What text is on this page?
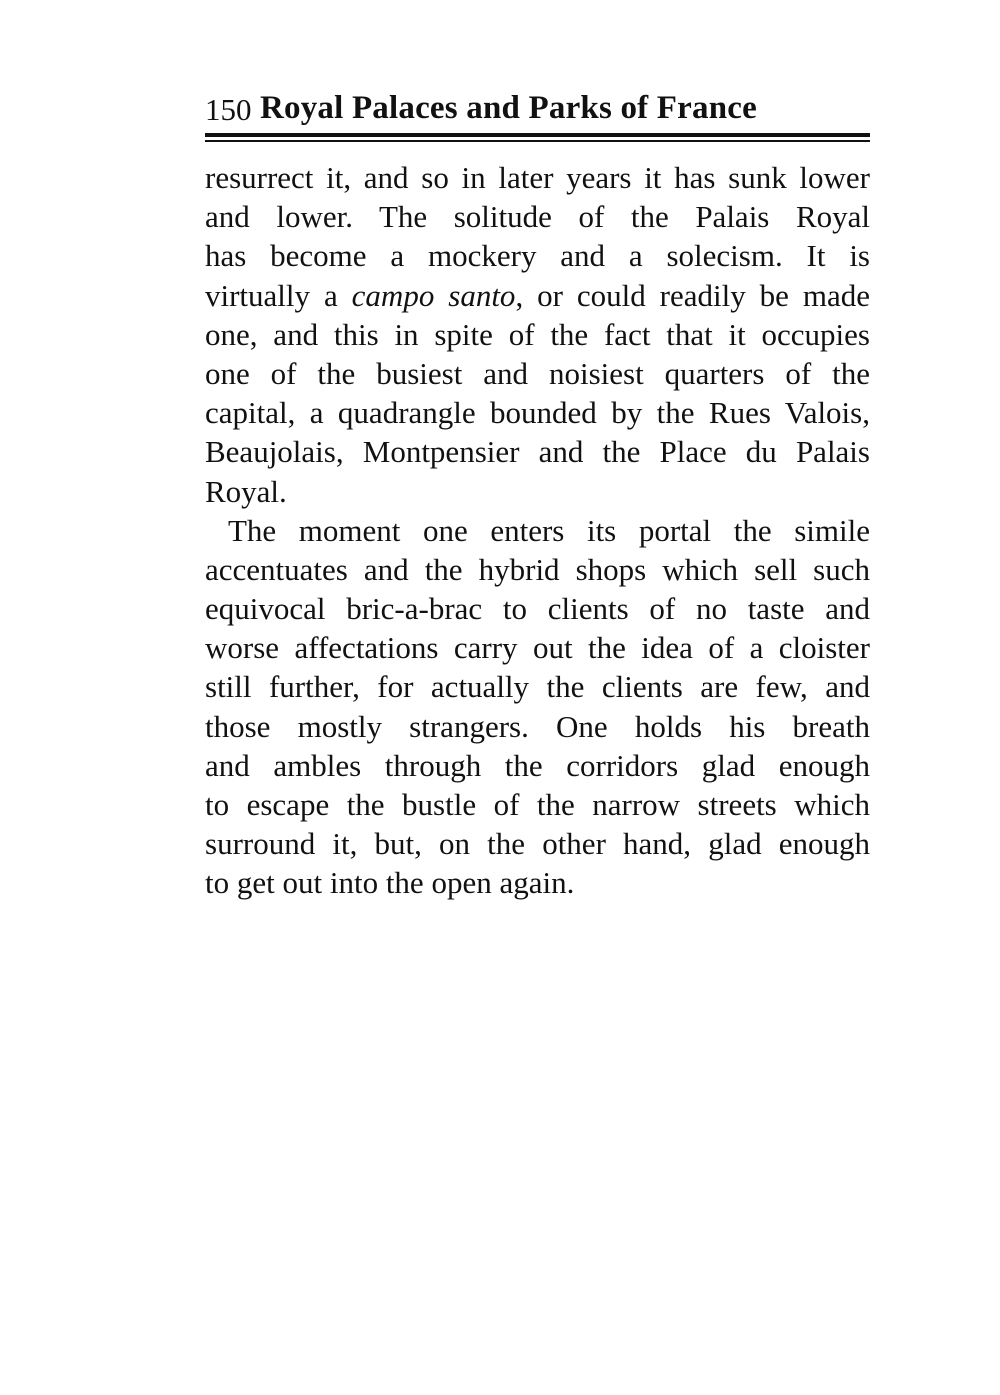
150 Royal Palaces and Parks of France
resurrect it, and so in later years it has sunk lower
and lower. The solitude of the Palais Royal
has become a mockery and a solecism. It is
virtually a campo santo, or could readily be made
one, and this in spite of the fact that it occupies
one of the busiest and noisiest quarters of the
capital, a quadrangle bounded by the Rues Valois,
Beaujolais, Montpensier and the Place du Palais
Royal.
The moment one enters its portal the simile
accentuates and the hybrid shops which sell such
equivocal bric-a-brac to clients of no taste and
worse affectations carry out the idea of a cloister
still further, for actually the clients are few, and
those mostly strangers. One holds his breath
and ambles through the corridors glad enough
to escape the bustle of the narrow streets which
surround it, but, on the other hand, glad enough
to get out into the open again.
